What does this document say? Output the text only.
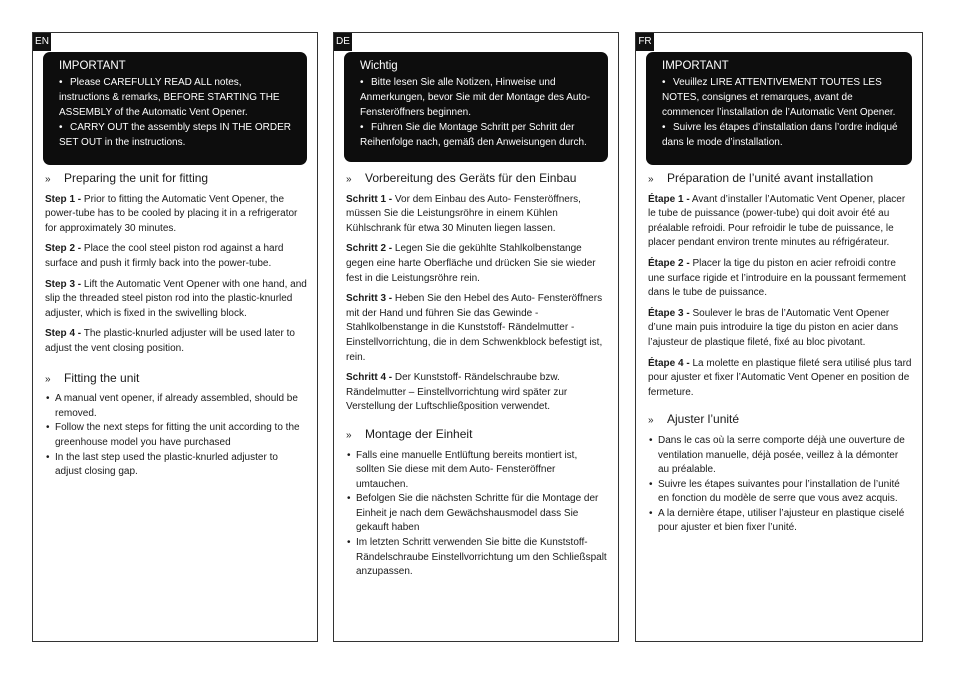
EN
IMPORTANT
• Please CAREFULLY READ ALL notes, instructions & remarks, BEFORE STARTING THE ASSEMBLY of the Automatic Vent Opener.
• CARRY OUT the assembly steps IN THE ORDER SET OUT in the instructions.
» Preparing the unit for fitting

Step 1 - Prior to fitting the Automatic Vent Opener, the power-tube has to be cooled by placing it in a refrigerator for approximately 30 minutes.

Step 2 - Place the cool steel piston rod against a hard surface and push it firmly back into the power-tube.

Step 3 - Lift the Automatic Vent Opener with one hand, and slip the threaded steel piston rod into the plastic-knurled adjuster, which is fixed in the swivelling block.

Step 4 - The plastic-knurled adjuster will be used later to adjust the vent closing position.

» Fitting the unit
• A manual vent opener, if already assembled, should be removed.
• Follow the next steps for fitting the unit according to the greenhouse model you have purchased
• In the last step used the plastic-knurled adjuster to adjust closing gap.
DE
Wichtig
• Bitte lesen Sie alle Notizen, Hinweise und Anmerkungen, bevor Sie mit der Montage des Auto- Fensteröffners beginnen.
• Führen Sie die Montage Schritt per Schritt der Reihenfolge nach, gemäß den Anweisungen durch.
» Vorbereitung des Geräts für den Einbau

Schritt 1 - Vor dem Einbau des Auto- Fensteröffners, müssen Sie die Leistungsröhre in einem Kühlen Kühlschrank für etwa 30 Minuten liegen lassen.

Schritt 2 - Legen Sie die gekühlte Stahlkolbenstange gegen eine harte Oberfläche und drücken Sie sie wieder fest in die Leistungsröhre rein.

Schritt 3 - Heben Sie den Hebel des Auto- Fensteröffners mit der Hand und führen Sie das Gewinde -Stahlkolbenstange in die Kunststoff- Rändelmutter - Einstellvorrichtung, die in dem Schwenkblock befestigt ist, rein.

Schritt 4 - Der Kunststoff- Rändelschraube bzw. Rändelmutter – Einstellvorrichtung wird später zur Verstellung der Luftschließposition verwendet.

» Montage der Einheit
• Falls eine manuelle Entlüftung bereits montiert ist, sollten Sie diese mit dem Auto- Fensteröffner umtauchen.
• Befolgen Sie die nächsten Schritte für die Montage der Einheit je nach dem Gewächshausmodel dass Sie gekauft haben
• Im letzten Schritt verwenden Sie bitte die Kunststoff- Rändelschraube Einstellvorrichtung um den Schließspalt anzupassen.
FR
IMPORTANT
• Veuillez LIRE ATTENTIVEMENT TOUTES LES NOTES, consignes et remarques, avant de commencer l’installation de l’Automatic Vent Opener.
• Suivre les étapes d’installation dans l’ordre indiqué dans le mode d’installation.
» Préparation de l’unité avant installation

Étape 1 - Avant d’installer l’Automatic Vent Opener, placer le tube de puissance (power-tube) qui doit avoir été au préalable refroidi. Pour refroidir le tube de puissance, le placer pendant environ trente minutes au réfrigérateur.

Étape 2 - Placer la tige du piston en acier refroidi contre une surface rigide et l’introduire en la poussant fermement dans le tube de puissance.

Étape 3 - Soulever le bras de l’Automatic Vent Opener d’une main puis introduire la tige du piston en acier dans l’ajusteur de plastique fileté, fixé au bloc pivotant.

Étape 4 - La molette en plastique fileté sera utilisé plus tard pour ajuster et fixer l’Automatic Vent Opener en position de fermeture.

» Ajuster l’unité
• Dans le cas où la serre comporte déjà une ouverture de ventilation manuelle, déjà posée, veillez à la démonter au préalable.
• Suivre les étapes suivantes pour l’installation de l’unité en fonction du modèle de serre que vous avez acquis.
• A la dernière étape, utiliser l’ajusteur en plastique ciselé pour ajuster et bien fixer l’unité.
